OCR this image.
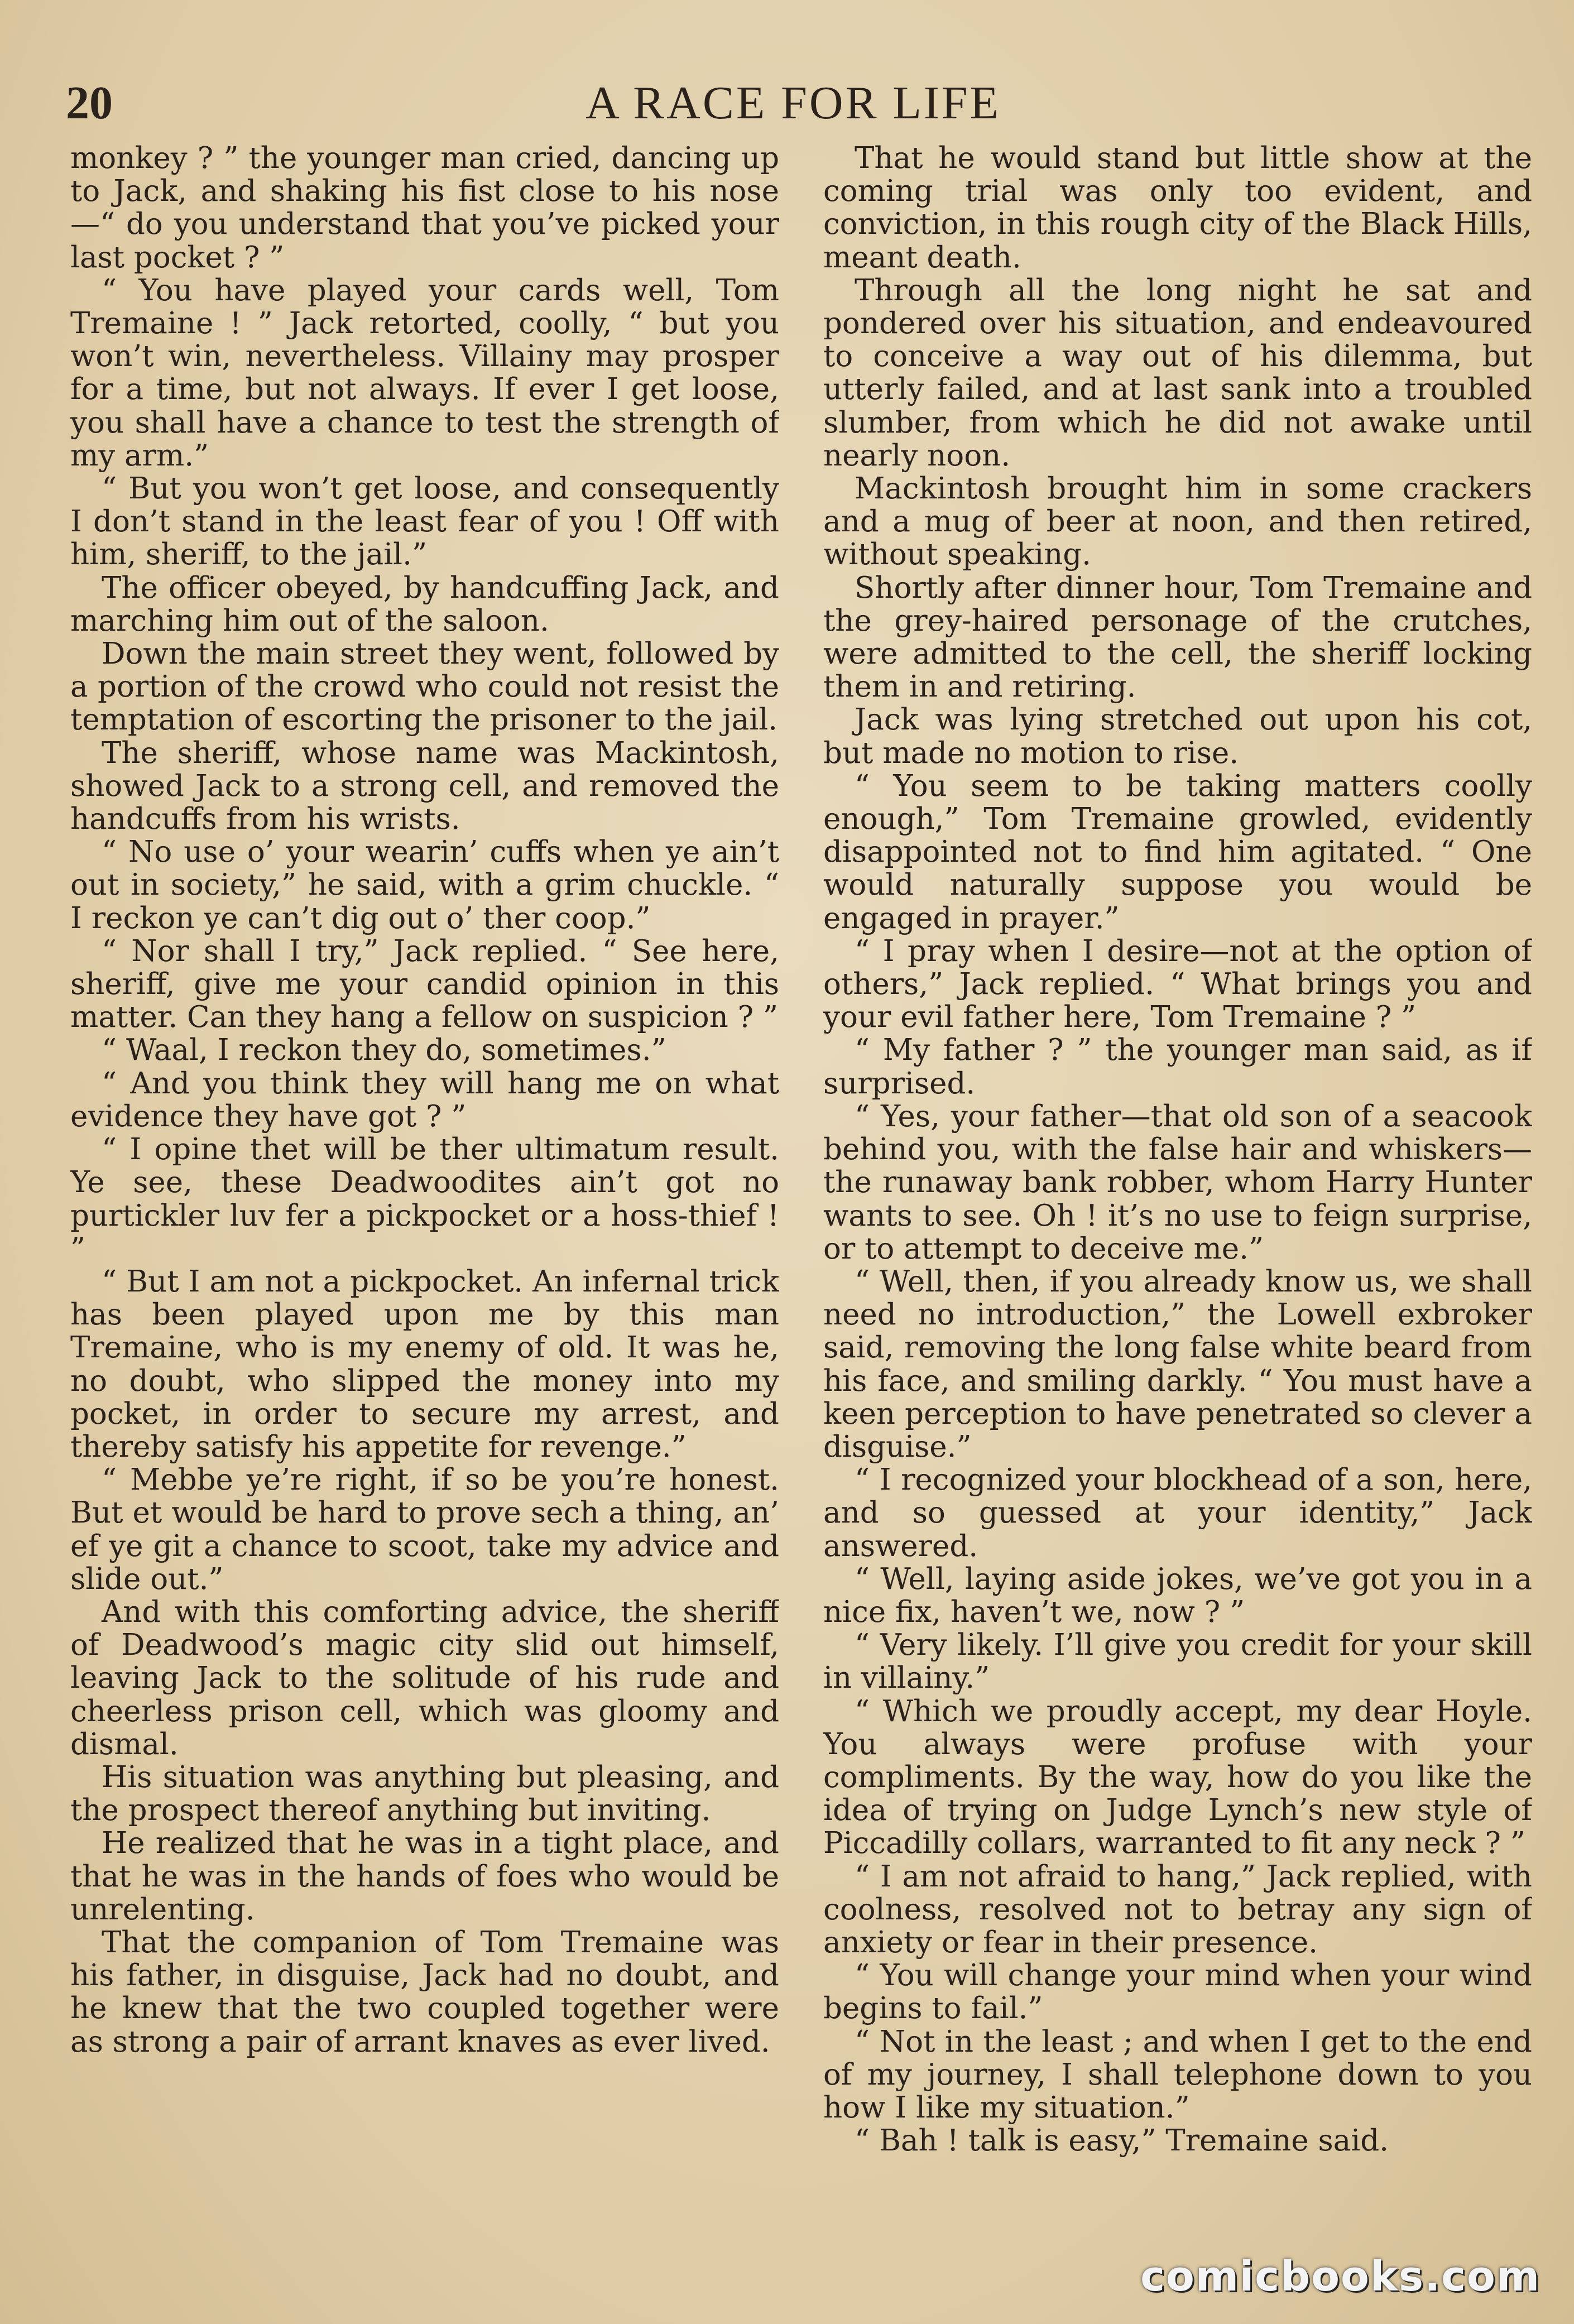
20	A RACE FOR LIFE

monkey ? ” the younger man cried, dancing up to Jack, and shaking his fist close to his nose—“ do you understand that you’ve picked your last pocket ? ”

“ You have played your cards well, Tom Tremaine ! ” Jack retorted, coolly, “ but you won’t win, nevertheless. Villainy may prosper for a time, but not always. If ever I get loose, you shall have a chance to test the strength of my arm.”

“ But you won’t get loose, and consequently I don’t stand in the least fear of you ! Off with him, sheriff, to the jail.”

The officer obeyed, by handcuffing Jack, and marching him out of the saloon.

Down the main street they went, followed by a portion of the crowd who could not resist the temptation of escorting the prisoner to the jail.

The sheriff, whose name was Mackintosh, showed Jack to a strong cell, and removed the handcuffs from his wrists.

“ No use o’ your wearin’ cuffs when ye ain’t out in society,” he said, with a grim chuckle. “ I reckon ye can’t dig out o’ ther coop.”

“ Nor shall I try,” Jack replied. “ See here, sheriff, give me your candid opinion in this matter. Can they hang a fellow on suspicion ? ”

“ Waal, I reckon they do, sometimes.”

“ And you think they will hang me on what evidence they have got ? ”

“ I opine thet will be ther ultimatum result. Ye see, these Deadwoodites ain’t got no purtickler luv fer a pickpocket or a hoss-thief ! ”

“ But I am not a pickpocket. An infernal trick has been played upon me by this man Tremaine, who is my enemy of old. It was he, no doubt, who slipped the money into my pocket, in order to secure my arrest, and thereby satisfy his appetite for revenge.”

“ Mebbe ye’re right, if so be you’re honest. But et would be hard to prove sech a thing, an’ ef ye git a chance to scoot, take my advice and slide out.”

And with this comforting advice, the sheriff of Deadwood’s magic city slid out himself, leaving Jack to the solitude of his rude and cheerless prison cell, which was gloomy and dismal.

His situation was anything but pleasing, and the prospect thereof anything but inviting.

He realized that he was in a tight place, and that he was in the hands of foes who would be unrelenting.

That the companion of Tom Tremaine was his father, in disguise, Jack had no doubt, and he knew that the two coupled together were as strong a pair of arrant knaves as ever lived.

That he would stand but little show at the coming trial was only too evident, and conviction, in this rough city of the Black Hills, meant death.

Through all the long night he sat and pondered over his situation, and endeavoured to conceive a way out of his dilemma, but utterly failed, and at last sank into a troubled slumber, from which he did not awake until nearly noon.

Mackintosh brought him in some crackers and a mug of beer at noon, and then retired, without speaking.

Shortly after dinner hour, Tom Tremaine and the grey-haired personage of the crutches, were admitted to the cell, the sheriff locking them in and retiring.

Jack was lying stretched out upon his cot, but made no motion to rise.

“ You seem to be taking matters coolly enough,” Tom Tremaine growled, evidently disappointed not to find him agitated. “ One would naturally suppose you would be engaged in prayer.”

“ I pray when I desire—not at the option of others,” Jack replied. “ What brings you and your evil father here, Tom Tremaine ? ”

“ My father ? ” the younger man said, as if surprised.

“ Yes, your father—that old son of a seacook behind you, with the false hair and whiskers—the runaway bank robber, whom Harry Hunter wants to see. Oh ! it’s no use to feign surprise, or to attempt to deceive me.”

“ Well, then, if you already know us, we shall need no introduction,” the Lowell exbroker said, removing the long false white beard from his face, and smiling darkly. “ You must have a keen perception to have penetrated so clever a disguise.”

“ I recognized your blockhead of a son, here, and so guessed at your identity,” Jack answered.

“ Well, laying aside jokes, we’ve got you in a nice fix, haven’t we, now ? ”

“ Very likely. I’ll give you credit for your skill in villainy.”

“ Which we proudly accept, my dear Hoyle. You always were profuse with your compliments. By the way, how do you like the idea of trying on Judge Lynch’s new style of Piccadilly collars, warranted to fit any neck ? ”

“ I am not afraid to hang,” Jack replied, with coolness, resolved not to betray any sign of anxiety or fear in their presence.

“ You will change your mind when your wind begins to fail.”

“ Not in the least ; and when I get to the end of my journey, I shall telephone down to you how I like my situation.”

“ Bah ! talk is easy,” Tremaine said.

comicbooks.com
